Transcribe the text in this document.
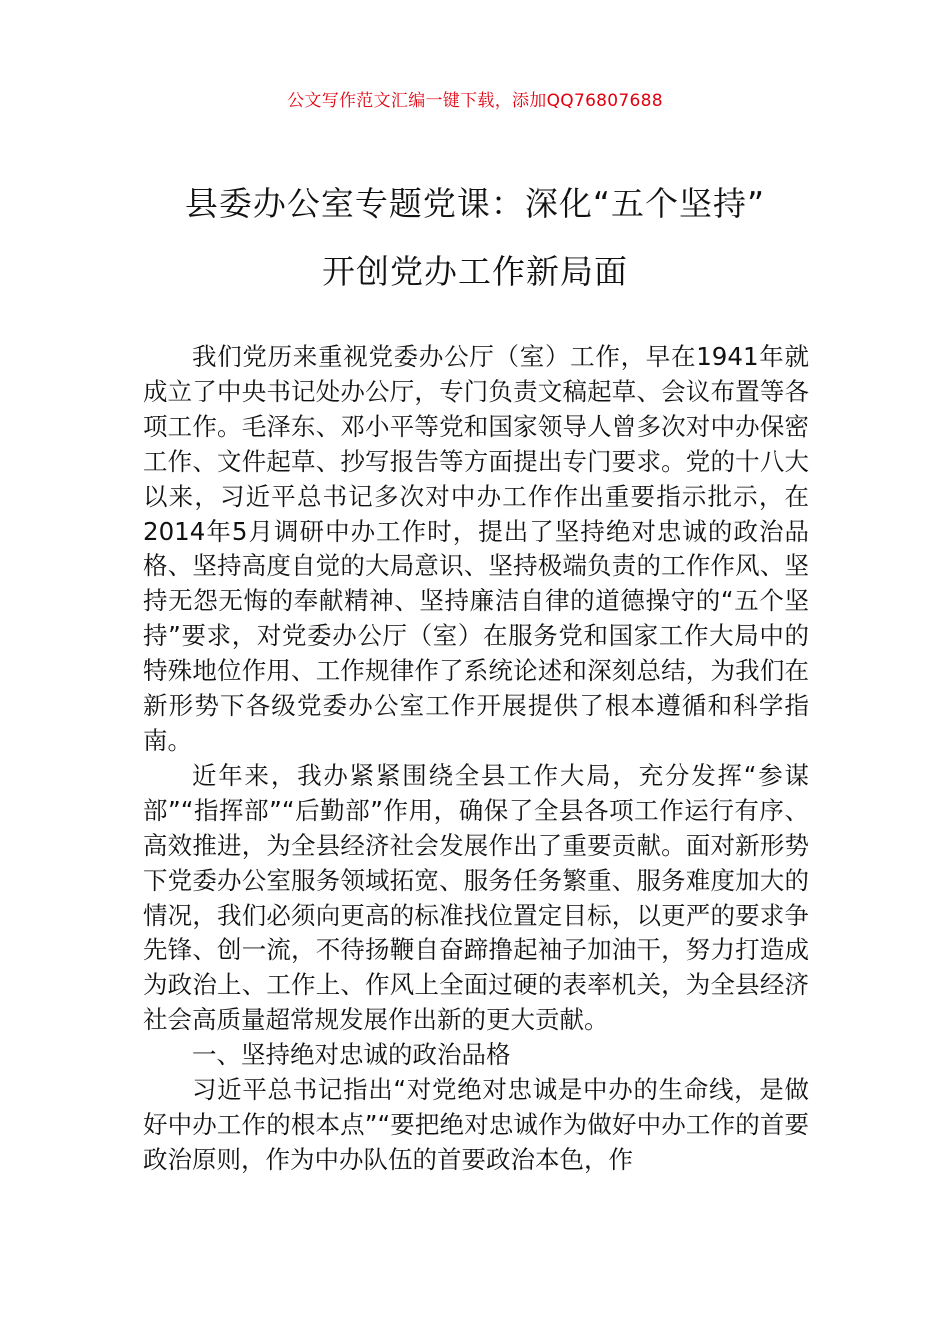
公文写作范文汇编一键下载，添加QQ76807688
县委办公室专题党课：深化“五个坚持”
开创党办工作新局面

我们党历来重视党委办公厅（室）工作，早在1941年就成立了中央书记处办公厅，专门负责文稿起草、会议布置等各项工作。毛泽东、邓小平等党和国家领导人曾多次对中办保密工作、文件起草、抄写报告等方面提出专门要求。党的十八大以来，习近平总书记多次对中办工作作出重要指示批示，在2014年5月调研中办工作时，提出了坚持绝对忠诚的政治品格、坚持高度自觉的大局意识、坚持极端负责的工作作风、坚持无怨无悔的奉献精神、坚持廉洁自律的道德操守的“五个坚持”要求，对党委办公厅（室）在服务党和国家工作大局中的特殊地位作用、工作规律作了系统论述和深刻总结，为我们在新形势下各级党委办公室工作开展提供了根本遵循和科学指南。

近年来，我办紧紧围绕全县工作大局，充分发挥“参谋部”“指挥部”“后勤部”作用，确保了全县各项工作运行有序、高效推进，为全县经济社会发展作出了重要贡献。面对新形势下党委办公室服务领域拓宽、服务任务繁重、服务难度加大的情况，我们必须向更高的标准找位置定目标，以更严的要求争先锋、创一流，不待扬鞭自奋蹄撸起袖子加油干，努力打造成为政治上、工作上、作风上全面过硬的表率机关，为全县经济社会高质量超常规发展作出新的更大贡献。

一、坚持绝对忠诚的政治品格

习近平总书记指出“对党绝对忠诚是中办的生命线，是做好中办工作的根本点”“要把绝对忠诚作为做好中办工作的首要政治原则，作为中办队伍的首要政治本色，作
